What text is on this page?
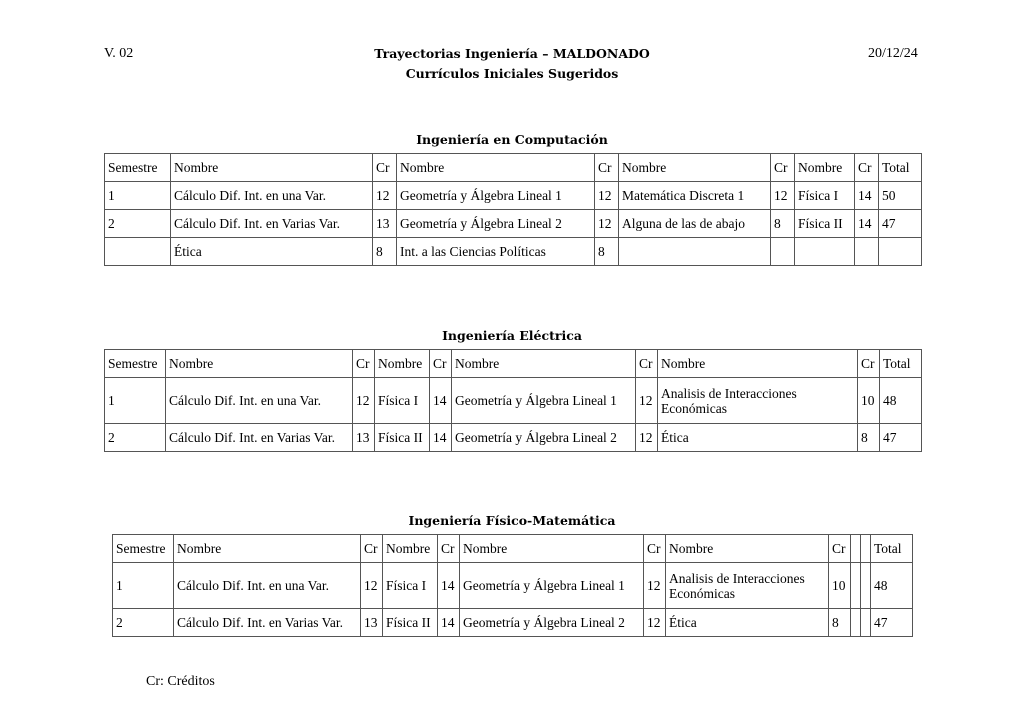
V. 02	Trayectorias Ingeniería – MALDONADO
Currículos Iniciales Sugeridos
20/12/24
Ingeniería en Computación
Semestre	Nombre	Cr	Nombre	Cr	Nombre	Cr	Nombre	Cr	Total
1	Cálculo Dif. Int. en una Var.	12	Geometría y Álgebra Lineal 1	12	Matemática Discreta 1	12	Física I	14	50
2	Cálculo Dif. Int. en Varias Var.	13	Geometría y Álgebra Lineal 2	12	Alguna de las de abajo	8	Física II	14	47
	Ética	8	Int. a las Ciencias Políticas	8					
Ingeniería Eléctrica
Semestre	Nombre	Cr	Nombre	Cr	Nombre	Cr	Nombre	Cr	Total
1	Cálculo Dif. Int. en una Var.	12	Física I	14	Geometría y Álgebra Lineal 1	12	Analisis de Interacciones Económicas	10	48
2	Cálculo Dif. Int. en Varias Var.	13	Física II	14	Geometría y Álgebra Lineal 2	12	Ética	8	47
Ingeniería Físico-Matemática
Semestre	Nombre	Cr	Nombre	Cr	Nombre	Cr	Nombre	Cr			Total
1	Cálculo Dif. Int. en una Var.	12	Física I	14	Geometría y Álgebra Lineal 1	12	Analisis de Interacciones Económicas	10			48
2	Cálculo Dif. Int. en Varias Var.	13	Física II	14	Geometría y Álgebra Lineal 2	12	Ética	8			47
Cr: Créditos
